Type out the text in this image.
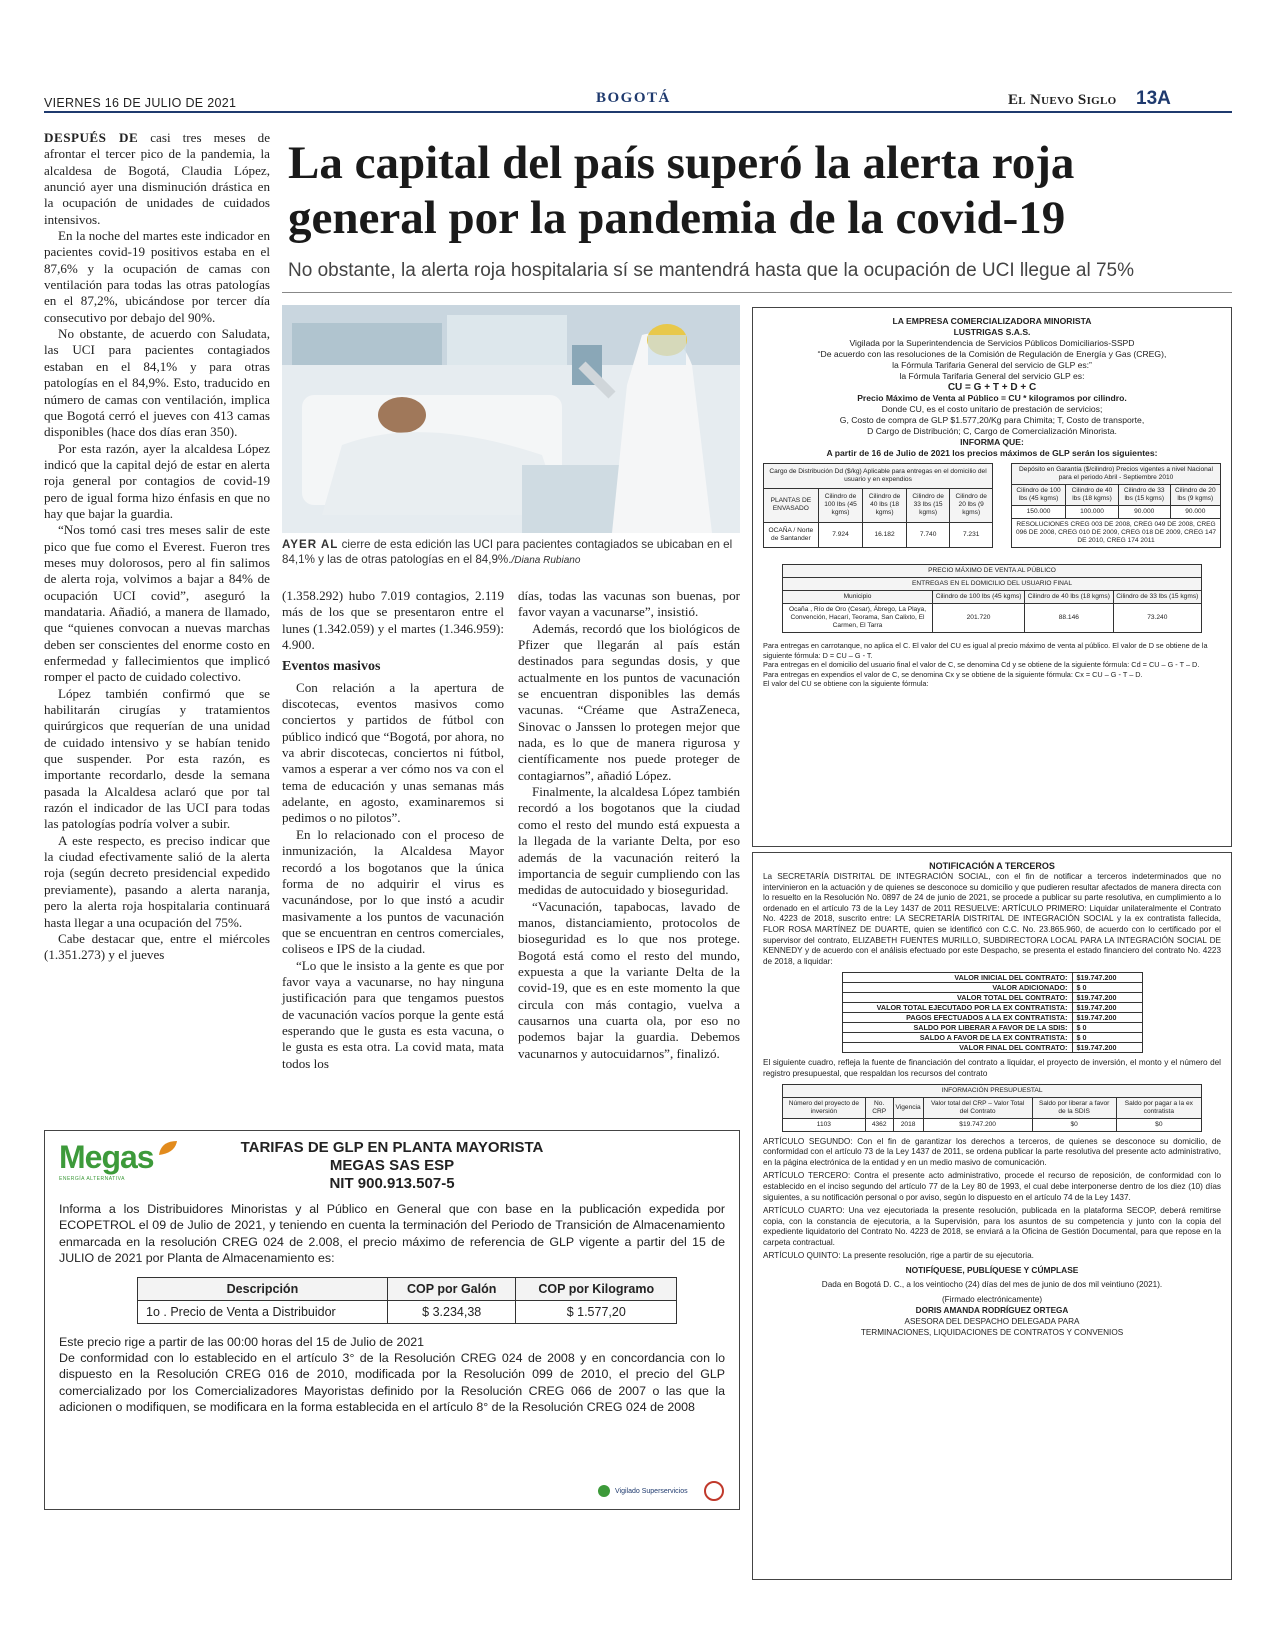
VIERNES 16 DE JULIO DE 2021	BOGOTÁ	El Nuevo Siglo 13A

DESPUÉS DE casi tres meses de afrontar el tercer pico de la pandemia, la alcaldesa de Bogotá, Claudia López, anunció ayer una disminución drástica en la ocupación de unidades de cuidados intensivos.

En la noche del martes este indicador en pacientes covid-19 positivos estaba en el 87,6% y la ocupación de camas con ventilación para todas las otras patologías en el 87,2%, ubicándose por tercer día consecutivo por debajo del 90%.

No obstante, de acuerdo con Saludata, las UCI para pacientes contagiados estaban en el 84,1% y para otras patologías en el 84,9%. Esto, traducido en número de camas con ventilación, implica que Bogotá cerró el jueves con 413 camas disponibles (hace dos días eran 350).

Por esta razón, ayer la alcaldesa López indicó que la capital dejó de estar en alerta roja general por contagios de covid-19 pero de igual forma hizo énfasis en que no hay que bajar la guardia.

“Nos tomó casi tres meses salir de este pico que fue como el Everest. Fueron tres meses muy dolorosos, pero al fin salimos de alerta roja, volvimos a bajar a 84% de ocupación UCI covid”, aseguró la mandataria. Añadió, a manera de llamado, que “quienes convocan a nuevas marchas deben ser conscientes del enorme costo en enfermedad y fallecimientos que implicó romper el pacto de cuidado colectivo.

López también confirmó que se habilitarán cirugías y tratamientos quirúrgicos que requerían de una unidad de cuidado intensivo y se habían tenido que suspender. Por esta razón, es importante recordarlo, desde la semana pasada la Alcaldesa aclaró que por tal razón el indicador de las UCI para todas las patologías podría volver a subir.

A este respecto, es preciso indicar que la ciudad efectivamente salió de la alerta roja (según decreto presidencial expedido previamente), pasando a alerta naranja, pero la alerta roja hospitalaria continuará hasta llegar a una ocupación del 75%.

Cabe destacar que, entre el miércoles (1.351.273) y el jueves

La capital del país superó la alerta roja general por la pandemia de la covid-19
No obstante, la alerta roja hospitalaria sí se mantendrá hasta que la ocupación de UCI llegue al 75%
AYER AL cierre de esta edición las UCI para pacientes contagiados se ubicaban en el 84,1% y las de otras patologías en el 84,9%./Diana Rubiano

(1.358.292) hubo 7.019 contagios, 2.119 más de los que se presentaron entre el lunes (1.342.059) y el martes (1.346.959): 4.900.

Eventos masivos

Con relación a la apertura de discotecas, eventos masivos como conciertos y partidos de fútbol con público indicó que “Bogotá, por ahora, no va abrir discotecas, conciertos ni fútbol, vamos a esperar a ver cómo nos va con el tema de educación y unas semanas más adelante, en agosto, examinaremos si pedimos o no pilotos”.

En lo relacionado con el proceso de inmunización, la Alcaldesa Mayor recordó a los bogotanos que la única forma de no adquirir el virus es vacunándose, por lo que instó a acudir masivamente a los puntos de vacunación que se encuentran en centros comerciales, coliseos e IPS de la ciudad.

“Lo que le insisto a la gente es que por favor vaya a vacunarse, no hay ninguna justificación para que tengamos puestos de vacunación vacíos porque la gente está esperando que le gusta es esta vacuna, o le gusta es esta otra. La covid mata, mata todos los

días, todas las vacunas son buenas, por favor vayan a vacunarse”, insistió.

Además, recordó que los biológicos de Pfizer que llegarán al país están destinados para segundas dosis, y que actualmente en los puntos de vacunación se encuentran disponibles las demás vacunas. “Créame que AstraZeneca, Sinovac o Janssen lo protegen mejor que nada, es lo que de manera rigurosa y científicamente nos puede proteger de contagiarnos”, añadió López.

Finalmente, la alcaldesa López también recordó a los bogotanos que la ciudad como el resto del mundo está expuesta a la llegada de la variante Delta, por eso además de la vacunación reiteró la importancia de seguir cumpliendo con las medidas de autocuidado y bioseguridad.

“Vacunación, tapabocas, lavado de manos, distanciamiento, protocolos de bioseguridad es lo que nos protege. Bogotá está como el resto del mundo, expuesta a que la variante Delta de la covid-19, que es en este momento la que circula con más contagio, vuelva a causarnos una cuarta ola, por eso no podemos bajar la guardia. Debemos vacunarnos y autocuidarnos”, finalizó.

LA EMPRESA COMERCIALIZADORA MINORISTA
LUSTRIGAS S.A.S.
Vigilada por la Superintendencia de Servicios Públicos Domiciliarios-SSPD
“De acuerdo con las resoluciones de la Comisión de Regulación de Energía y Gas (CREG),
la Fórmula Tarifaria General del servicio de GLP es:”
la Fórmula Tarifaria General del servicio GLP es:
CU = G + T + D + C
Precio Máximo de Venta al Público = CU * kilogramos por cilindro.
Donde CU, es el costo unitario de prestación de servicios;
G, Costo de compra de GLP $1.577,20/Kg para Chimita; T, Costo de transporte,
D Cargo de Distribución; C, Cargo de Comercialización Minorista.
INFORMA QUE:
A partir de 16 de Julio de 2021 los precios máximos de GLP serán los siguientes:
Cargo de Distribución Dd ($/kg) Aplicable para entregas en el domicilio del usuario y en expendios				
PLANTAS DE ENVASADO	Cilindro de 100 lbs (45 kgms)	Cilindro de 40 lbs (18 kgms)	Cilindro de 33 lbs (15 kgms)	Cilindro de 20 lbs (9 kgms)
OCAÑA / Norte de Santander	7.924	16.182	7.740	7.231
Depósito en Garantía ($/cilindro) Precios vigentes a nivel Nacional para el periodo Abril - Septiembre 2010			
Cilindro de 100 lbs (45 kgms)	Cilindro de 40 lbs (18 kgms)	Cilindro de 33 lbs (15 kgms)	Cilindro de 20 lbs (9 kgms)
150.000	100.000	90.000	90.000
RESOLUCIONES CREG 003 DE 2008, CREG 049 DE 2008, CREG 096 DE 2008, CREG 010 DE 2009, CREG 018 DE 2009, CREG 147 DE 2010, CREG 174 2011			
PRECIO MÁXIMO DE VENTA AL PÚBLICO			
ENTREGAS EN EL DOMICILIO DEL USUARIO FINAL			
Municipio	Cilindro de 100 lbs (45 kgms)	Cilindro de 40 lbs (18 kgms)	Cilindro de 33 lbs (15 kgms)
Ocaña , Río de Oro (Cesar), Ábrego, La Playa, Convención, Hacarí, Teorama, San Calixto, El Carmen, El Tarra	201.720	88.146	73.240
Para entregas en carrotanque, no aplica el C. El valor del CU es igual al precio máximo de venta al público. El valor de D se obtiene de la siguiente fórmula: D = CU – G - T.
Para entregas en el domicilio del usuario final el valor de C, se denomina Cd y se obtiene de la siguiente fórmula: Cd = CU – G - T – D.
Para entregas en expendios el valor de C, se denomina Cx y se obtiene de la siguiente fórmula: Cx = CU – G - T – D.
El valor del CU se obtiene con la siguiente fórmula:
NOTIFICACIÓN A TERCEROS
La SECRETARÍA DISTRITAL DE INTEGRACIÓN SOCIAL, con el fin de notificar a terceros indeterminados que no intervinieron en la actuación y de quienes se desconoce su domicilio y que pudieren resultar afectados de manera directa con lo resuelto en la Resolución No. 0897 de 24 de junio de 2021, se procede a publicar su parte resolutiva, en cumplimiento a lo ordenado en el artículo 73 de la Ley 1437 de 2011 RESUELVE: ARTÍCULO PRIMERO: Liquidar unilateralmente el Contrato No. 4223 de 2018, suscrito entre: LA SECRETARÍA DISTRITAL DE INTEGRACIÓN SOCIAL y la ex contratista fallecida, FLOR ROSA MARTÍNEZ DE DUARTE, quien se identificó con C.C. No. 23.865.960, de acuerdo con lo certificado por el supervisor del contrato, ELIZABETH FUENTES MURILLO, SUBDIRECTORA LOCAL PARA LA INTEGRACIÓN SOCIAL DE KENNEDY y de acuerdo con el análisis efectuado por este Despacho, se presenta el estado financiero del contrato No. 4223 de 2018, a liquidar:
VALOR INICIAL DEL CONTRATO:	$19.747.200
VALOR ADICIONADO:	$ 0
VALOR TOTAL DEL CONTRATO:	$19.747.200
VALOR TOTAL EJECUTADO POR LA EX CONTRATISTA:	$19.747.200
PAGOS EFECTUADOS A LA EX CONTRATISTA:	$19.747.200
SALDO POR LIBERAR A FAVOR DE LA SDIS:	$ 0
SALDO A FAVOR DE LA EX CONTRATISTA:	$ 0
VALOR FINAL DEL CONTRATO:	$19.747.200
El siguiente cuadro, refleja la fuente de financiación del contrato a liquidar, el proyecto de inversión, el monto y el número del registro presupuestal, que respaldan los recursos del contrato
INFORMACIÓN PRESUPUESTAL					
Número del proyecto de inversión	No. CRP	Vigencia	Valor total del CRP – Valor Total del Contrato	Saldo por liberar a favor de la SDIS	Saldo por pagar a la ex contratista
1103	4362	2018	$19.747.200	$0	$0
ARTÍCULO SEGUNDO: Con el fin de garantizar los derechos a terceros, de quienes se desconoce su domicilio, de conformidad con el artículo 73 de la Ley 1437 de 2011, se ordena publicar la parte resolutiva del presente acto administrativo, en la página electrónica de la entidad y en un medio masivo de comunicación.
ARTÍCULO TERCERO: Contra el presente acto administrativo, procede el recurso de reposición, de conformidad con lo establecido en el inciso segundo del artículo 77 de la Ley 80 de 1993, el cual debe interponerse dentro de los diez (10) días siguientes, a su notificación personal o por aviso, según lo dispuesto en el artículo 74 de la Ley 1437.
ARTÍCULO CUARTO: Una vez ejecutoriada la presente resolución, publicada en la plataforma SECOP, deberá remitirse copia, con la constancia de ejecutoria, a la Supervisión, para los asuntos de su competencia y junto con la copia del expediente liquidatorio del Contrato No. 4223 de 2018, se enviará a la Oficina de Gestión Documental, para que repose en la carpeta contractual.
ARTÍCULO QUINTO: La presente resolución, rige a partir de su ejecutoria.
NOTIFÍQUESE, PUBLÍQUESE Y CÚMPLASE
Dada en Bogotá D. C., a los veintiocho (24) días del mes de junio de dos mil veintiuno (2021).
(Firmado electrónicamente)
DORIS AMANDA RODRÍGUEZ ORTEGA
ASESORA DEL DESPACHO DELEGADA PARA
TERMINACIONES, LIQUIDACIONES DE CONTRATOS Y CONVENIOS
Megas
ENERGÍA ALTERNATIVA
TARIFAS DE GLP EN PLANTA MAYORISTA
MEGAS SAS ESP
NIT 900.913.507-5
Informa a los Distribuidores Minoristas y al Público en General que con base en la publicación expedida por ECOPETROL el 09 de Julio de 2021, y teniendo en cuenta la terminación del Periodo de Transición de Almacenamiento enmarcada en la resolución CREG 024 de 2.008, el precio máximo de referencia de GLP vigente a partir del 15 de JULIO de 2021 por Planta de Almacenamiento es:
Descripción	COP por Galón	COP por Kilogramo
1o . Precio de Venta a Distribuidor	$ 3.234,38	$ 1.577,20
Este precio rige a partir de las 00:00 horas del 15 de Julio de 2021
De conformidad con lo establecido en el artículo 3° de la Resolución CREG 024 de 2008 y en concordancia con lo dispuesto en la Resolución CREG 016 de 2010, modificada por la Resolución 099 de 2010, el precio del GLP comercializado por los Comercializadores Mayoristas definido por la Resolución CREG 066 de 2007 o las que la adicionen o modifiquen, se modificara en la forma establecida en el artículo 8° de la Resolución CREG 024 de 2008
Vigilado Superservicios
